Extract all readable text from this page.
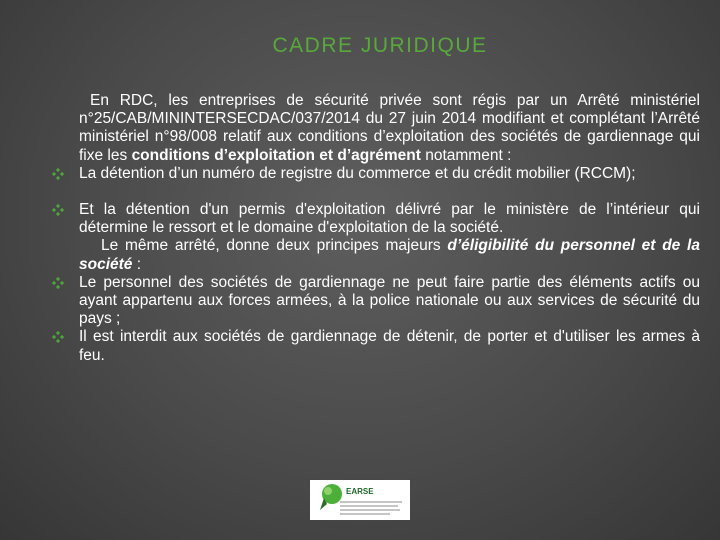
CADRE JURIDIQUE

En RDC, les entreprises de sécurité privée sont régis par un Arrêté ministériel n°25/CAB/MININTERSECDAC/037/2014 du 27 juin 2014 modifiant et complétant l’Arrêté ministériel n°98/008 relatif aux conditions d’exploitation des sociétés de gardiennage qui fixe les conditions d’exploitation et d’agrément notamment :

La détention d’un numéro de registre du commerce et du crédit mobilier (RCCM);

Et la détention d'un permis d'exploitation délivré par le ministère de l’intérieur qui détermine le ressort et le domaine d'exploitation de la société.

Le même arrêté, donne deux principes majeurs d’éligibilité du personnel et de la société :

Le personnel des sociétés de gardiennage ne peut faire partie des éléments actifs ou ayant appartenu aux forces armées, à la police nationale ou aux services de sécurité du pays ;

Il est interdit aux sociétés de gardiennage de détenir, de porter et d'utiliser les armes à feu.

EARSE
